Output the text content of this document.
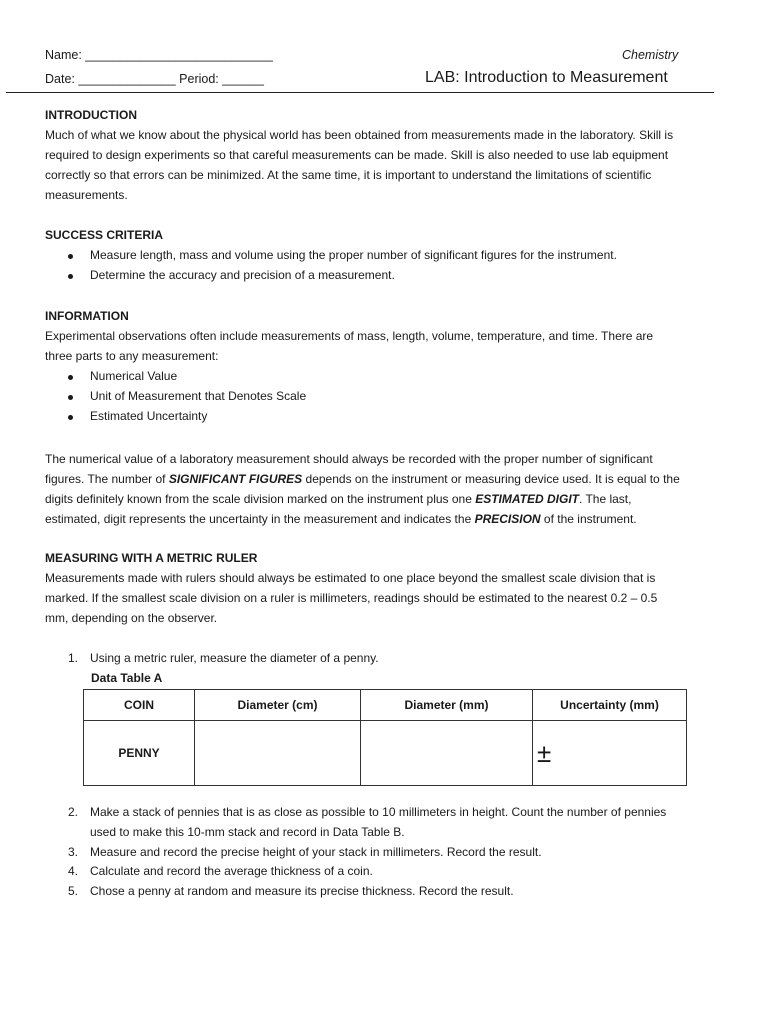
Name: ___________________________
Date: ______________ Period: ______
Chemistry
LAB: Introduction to Measurement
INTRODUCTION
Much of what we know about the physical world has been obtained from measurements made in the laboratory. Skill is
required to design experiments so that careful measurements can be made. Skill is also needed to use lab equipment
correctly so that errors can be minimized. At the same time, it is important to understand the limitations of scientific
measurements.
SUCCESS CRITERIA
Measure length, mass and volume using the proper number of significant figures for the instrument.
Determine the accuracy and precision of a measurement.
INFORMATION
Experimental observations often include measurements of mass, length, volume, temperature, and time. There are
three parts to any measurement:
Numerical Value
Unit of Measurement that Denotes Scale
Estimated Uncertainty
The numerical value of a laboratory measurement should always be recorded with the proper number of significant
figures. The number of SIGNIFICANT FIGURES depends on the instrument or measuring device used. It is equal to the
digits definitely known from the scale division marked on the instrument plus one ESTIMATED DIGIT. The last,
estimated, digit represents the uncertainty in the measurement and indicates the PRECISION of the instrument.
MEASURING WITH A METRIC RULER
Measurements made with rulers should always be estimated to one place beyond the smallest scale division that is
marked. If the smallest scale division on a ruler is millimeters, readings should be estimated to the nearest 0.2 – 0.5
mm, depending on the observer.
1. Using a metric ruler, measure the diameter of a penny.
Data Table A
COIN	Diameter (cm)	Diameter (mm)	Uncertainty (mm)
PENNY			±
2. Make a stack of pennies that is as close as possible to 10 millimeters in height. Count the number of pennies
used to make this 10-mm stack and record in Data Table B.
3. Measure and record the precise height of your stack in millimeters. Record the result.
4. Calculate and record the average thickness of a coin.
5. Chose a penny at random and measure its precise thickness. Record the result.
